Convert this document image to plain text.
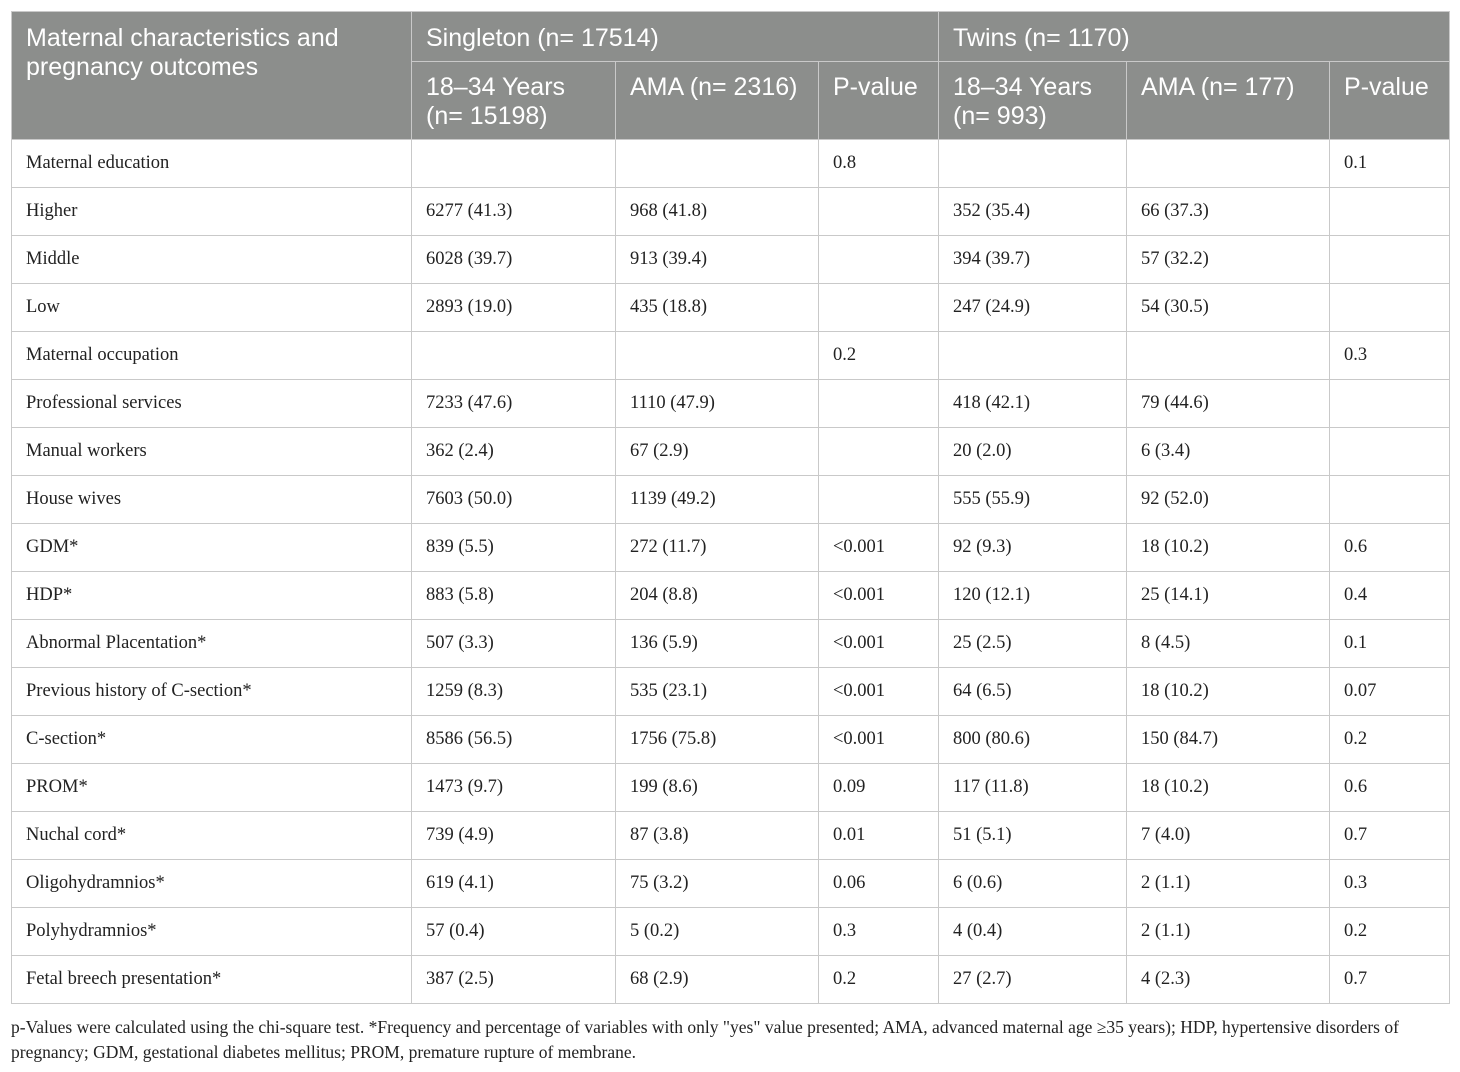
Maternal characteristics and pregnancy outcomes	Singleton (n= 17514)			Twins (n= 1170)		
	18–34 Years (n= 15198)	AMA (n= 2316)	P-value	18–34 Years (n= 993)	AMA (n= 177)	P-value
Maternal education			0.8			0.1
Higher	6277 (41.3)	968 (41.8)		352 (35.4)	66 (37.3)	
Middle	6028 (39.7)	913 (39.4)		394 (39.7)	57 (32.2)	
Low	2893 (19.0)	435 (18.8)		247 (24.9)	54 (30.5)	
Maternal occupation			0.2			0.3
Professional services	7233 (47.6)	1110 (47.9)		418 (42.1)	79 (44.6)	
Manual workers	362 (2.4)	67 (2.9)		20 (2.0)	6 (3.4)	
House wives	7603 (50.0)	1139 (49.2)		555 (55.9)	92 (52.0)	
GDM*	839 (5.5)	272 (11.7)	<0.001	92 (9.3)	18 (10.2)	0.6
HDP*	883 (5.8)	204 (8.8)	<0.001	120 (12.1)	25 (14.1)	0.4
Abnormal Placentation*	507 (3.3)	136 (5.9)	<0.001	25 (2.5)	8 (4.5)	0.1
Previous history of C-section*	1259 (8.3)	535 (23.1)	<0.001	64 (6.5)	18 (10.2)	0.07
C-section*	8586 (56.5)	1756 (75.8)	<0.001	800 (80.6)	150 (84.7)	0.2
PROM*	1473 (9.7)	199 (8.6)	0.09	117 (11.8)	18 (10.2)	0.6
Nuchal cord*	739 (4.9)	87 (3.8)	0.01	51 (5.1)	7 (4.0)	0.7
Oligohydramnios*	619 (4.1)	75 (3.2)	0.06	6 (0.6)	2 (1.1)	0.3
Polyhydramnios*	57 (0.4)	5 (0.2)	0.3	4 (0.4)	2 (1.1)	0.2
Fetal breech presentation*	387 (2.5)	68 (2.9)	0.2	27 (2.7)	4 (2.3)	0.7
p-Values were calculated using the chi-square test. *Frequency and percentage of variables with only "yes" value presented; AMA, advanced maternal age ≥35 years); HDP, hypertensive disorders of pregnancy; GDM, gestational diabetes mellitus; PROM, premature rupture of membrane.
